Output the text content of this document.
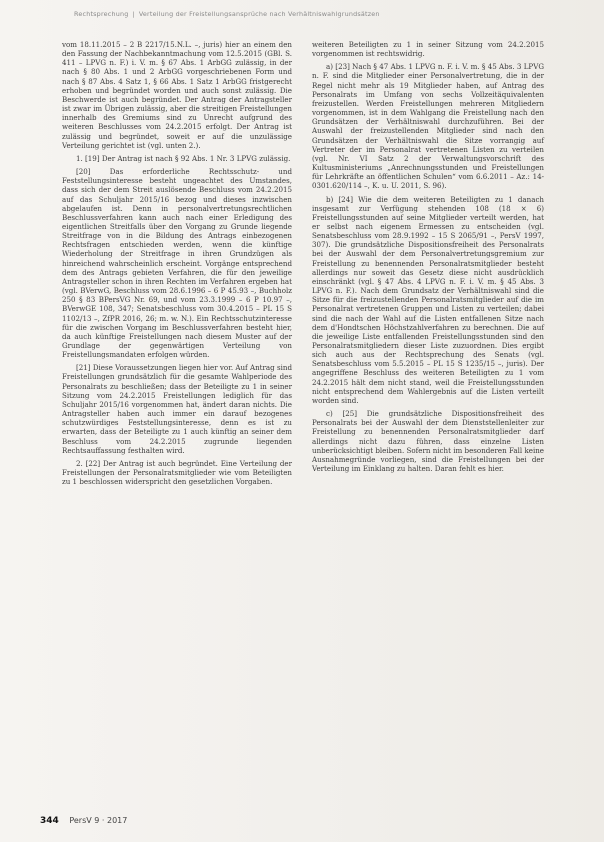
Rechtsprechung | Verteilung der Freistellungsansprüche nach Verhältniswahlgrundsätzen

vom 18.11.2015 – 2 B 2217/15.N.L. –, juris) hier an einem den den Fassung der Nachbekanntmachung vom 12.5.2015 (GBl. S. 411 – LPVG n. F.) i. V. m. § 67 Abs. 1 ArbGG zulässig, in der nach § 80 Abs. 1 und 2 ArbGG vorgeschriebenen Form und nach § 87 Abs. 4 Satz 1, § 66 Abs. 1 Satz 1 ArbGG fristgerecht erhoben und begründet worden und auch sonst zulässig. Die Beschwerde ist auch begründet. Der Antrag der Antragsteller ist zwar im Übrigen zulässig, aber die streitigen Freistellungen innerhalb des Gremiums sind zu Unrecht aufgrund des weiteren Beschlusses vom 24.2.2015 erfolgt. Der Antrag ist zulässig und begründet, soweit er auf die unzulässige Verteilung gerichtet ist (vgl. unten 2.).

1. [19] Der Antrag ist nach § 92 Abs. 1 Nr. 3 LPVG zulässig.

[20] Das erforderliche Rechtsschutz- und Feststellungsinteresse besteht ungeachtet des Umstandes, dass sich der dem Streit auslösende Beschluss vom 24.2.2015 auf das Schuljahr 2015/16 bezog und dieses inzwischen abgelaufen ist. Denn in personalvertretungsrechtlichen Beschlussverfahren kann auch nach einer Erledigung des eigentlichen Streitfalls über den Vorgang zu Grunde liegende Streitfrage von in die Bildung des Antrags einbezogenen Rechtsfragen entschieden werden, wenn die künftige Wiederholung der Streitfrage in ihren Grundzügen als hinreichend wahrscheinlich erscheint. Vorgänge entsprechend dem des Antrags gebieten Verfahren, die für den jeweilige Antragsteller schon in ihren Rechten im Verfahren ergeben hat (vgl. BVerwG, Beschluss vom 28.6.1996 – 6 P 45.93 –, Buchholz 250 § 83 BPersVG Nr. 69, und vom 23.3.1999 – 6 P 10.97 –, BVerwGE 108, 347; Senatsbeschluss vom 30.4.2015 – PL 15 S 1102/13 –, ZfPR 2016, 26; m. w. N.). Ein Rechtsschutzinteresse für die zwischen Vorgang im Beschlussverfahren besteht hier, da auch künftige Freistellungen nach diesem Muster auf der Grundlage der gegenwärtigen Verteilung von Freistellungsmandaten erfolgen würden.

[21] Diese Voraussetzungen liegen hier vor. Auf Antrag sind Freistellungen grundsätzlich für die gesamte Wahlperiode des Personalrats zu beschließen; dass der Beteiligte zu 1 in seiner Sitzung vom 24.2.2015 Freistellungen lediglich für das Schuljahr 2015/16 vorgenommen hat, ändert daran nichts. Die Antragsteller haben auch immer ein darauf bezogenes schutzwürdiges Feststellungsinteresse, denn es ist zu erwarten, dass der Beteiligte zu 1 auch künftig an seiner dem Beschluss vom 24.2.2015 zugrunde liegenden Rechtsauffassung festhalten wird.

2. [22] Der Antrag ist auch begründet. Eine Verteilung der Freistellungen der Personalratsmitglieder wie vom Beteiligten zu 1 beschlossen widerspricht den gesetzlichen Vorgaben.

weiteren Beteiligten zu 1 in seiner Sitzung vom 24.2.2015 vorgenommen ist rechtswidrig.

a) [23] Nach § 47 Abs. 1 LPVG n. F. i. V. m. § 45 Abs. 3 LPVG n. F. sind die Mitglieder einer Personalvertretung, die in der Regel nicht mehr als 19 Mitglieder haben, auf Antrag des Personalrats im Umfang von sechs Vollzeitäquivalenten freizustellen. Werden Freistellungen mehreren Mitgliedern vorgenommen, ist in dem Wahlgang die Freistellung nach den Grundsätzen der Verhältniswahl durchzuführen. Bei der Auswahl der freizustellenden Mitglieder sind nach den Grundsätzen der Verhältniswahl die Sitze vorrangig auf Vertreter der im Personalrat vertretenen Listen zu verteilen (vgl. Nr. VI Satz 2 der Verwaltungsvorschrift des Kultusministeriums „Anrechnungsstunden und Freistellungen für Lehrkräfte an öffentlichen Schulen“ vom 6.6.2011 – Az.: 14-0301.620/114 –, K. u. U. 2011, S. 96).

b) [24] Wie die dem weiteren Beteiligten zu 1 danach insgesamt zur Verfügung stehenden 108 (18 × 6) Freistellungsstunden auf seine Mitglieder verteilt werden, hat er selbst nach eigenem Ermessen zu entscheiden (vgl. Senatsbeschluss vom 28.9.1992 – 15 S 2065/91 –, PersV 1997, 307). Die grundsätzliche Dispositionsfreiheit des Personalrats bei der Auswahl der dem Personalvertretungsgremium zur Freistellung zu benennenden Personalratsmitglieder besteht allerdings nur soweit das Gesetz diese nicht ausdrücklich einschränkt (vgl. § 47 Abs. 4 LPVG n. F. i. V. m. § 45 Abs. 3 LPVG n. F.). Nach dem Grundsatz der Verhältniswahl sind die Sitze für die freizustellenden Personalratsmitglieder auf die im Personalrat vertretenen Gruppen und Listen zu verteilen; dabei sind die nach der Wahl auf die Listen entfallenen Sitze nach dem d'Hondtschen Höchstzahlverfahren zu berechnen. Die auf die jeweilige Liste entfallenden Freistellungsstunden sind den Personalratsmitgliedern dieser Liste zuzuordnen. Dies ergibt sich auch aus der Rechtsprechung des Senats (vgl. Senatsbeschluss vom 5.5.2015 – PL 15 S 1235/15 –, juris). Der angegriffene Beschluss des weiteren Beteiligten zu 1 vom 24.2.2015 hält dem nicht stand, weil die Freistellungsstunden nicht entsprechend dem Wahlergebnis auf die Listen verteilt worden sind.

c) [25] Die grundsätzliche Dispositionsfreiheit des Personalrats bei der Auswahl der dem Dienststellenleiter zur Freistellung zu benennenden Personalratsmitglieder darf allerdings nicht dazu führen, dass einzelne Listen unberücksichtigt bleiben. Sofern nicht im besonderen Fall keine Ausnahmegründe vorliegen, sind die Freistellungen bei der Verteilung im Einklang zu halten. Daran fehlt es hier.

344 PersV 9 · 2017
